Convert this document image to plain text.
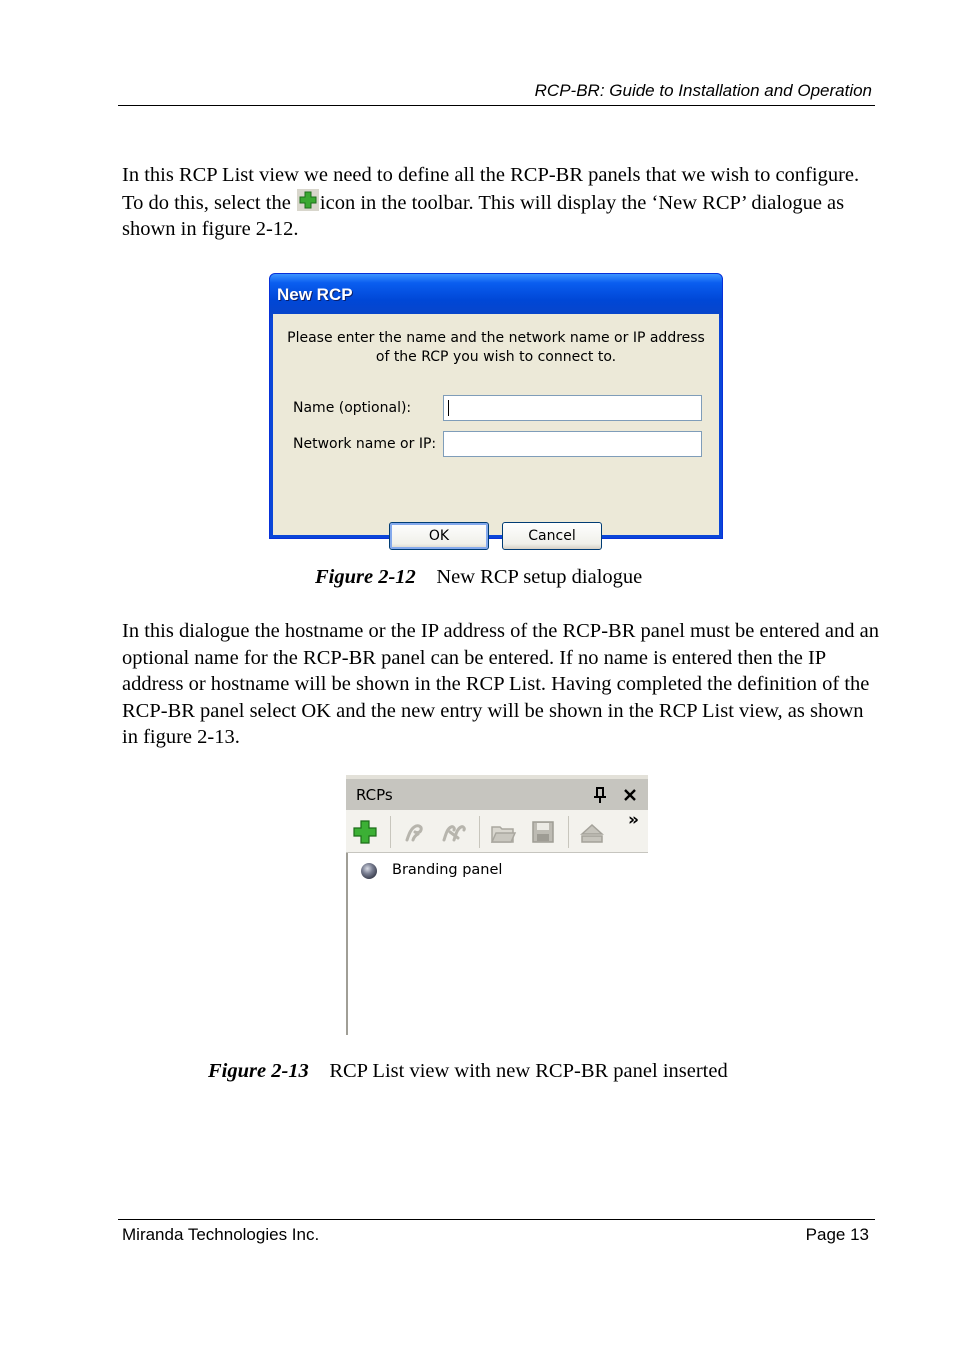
RCP-BR: Guide to Installation and Operation

In this RCP List view we need to define all the RCP-BR panels that we wish to configure. To do this, select the icon in the toolbar. This will display the ‘New RCP’ dialogue as shown in figure 2-12.

New RCP
Please enter the name and the network name or IP address
of the RCP you wish to connect to.
Name (optional):
Network name or IP:
OK	Cancel
Figure 2-12 New RCP setup dialogue

In this dialogue the hostname or the IP address of the RCP-BR panel must be entered and an optional name for the RCP-BR panel can be entered. If no name is entered then the IP address or hostname will be shown in the RCP List. Having completed the definition of the RCP-BR panel select OK and the new entry will be shown in the RCP List view, as shown in figure 2-13.

RCPs
»
Branding panel
Figure 2-13 RCP List view with new RCP-BR panel inserted
Miranda Technologies Inc.	Page 13
